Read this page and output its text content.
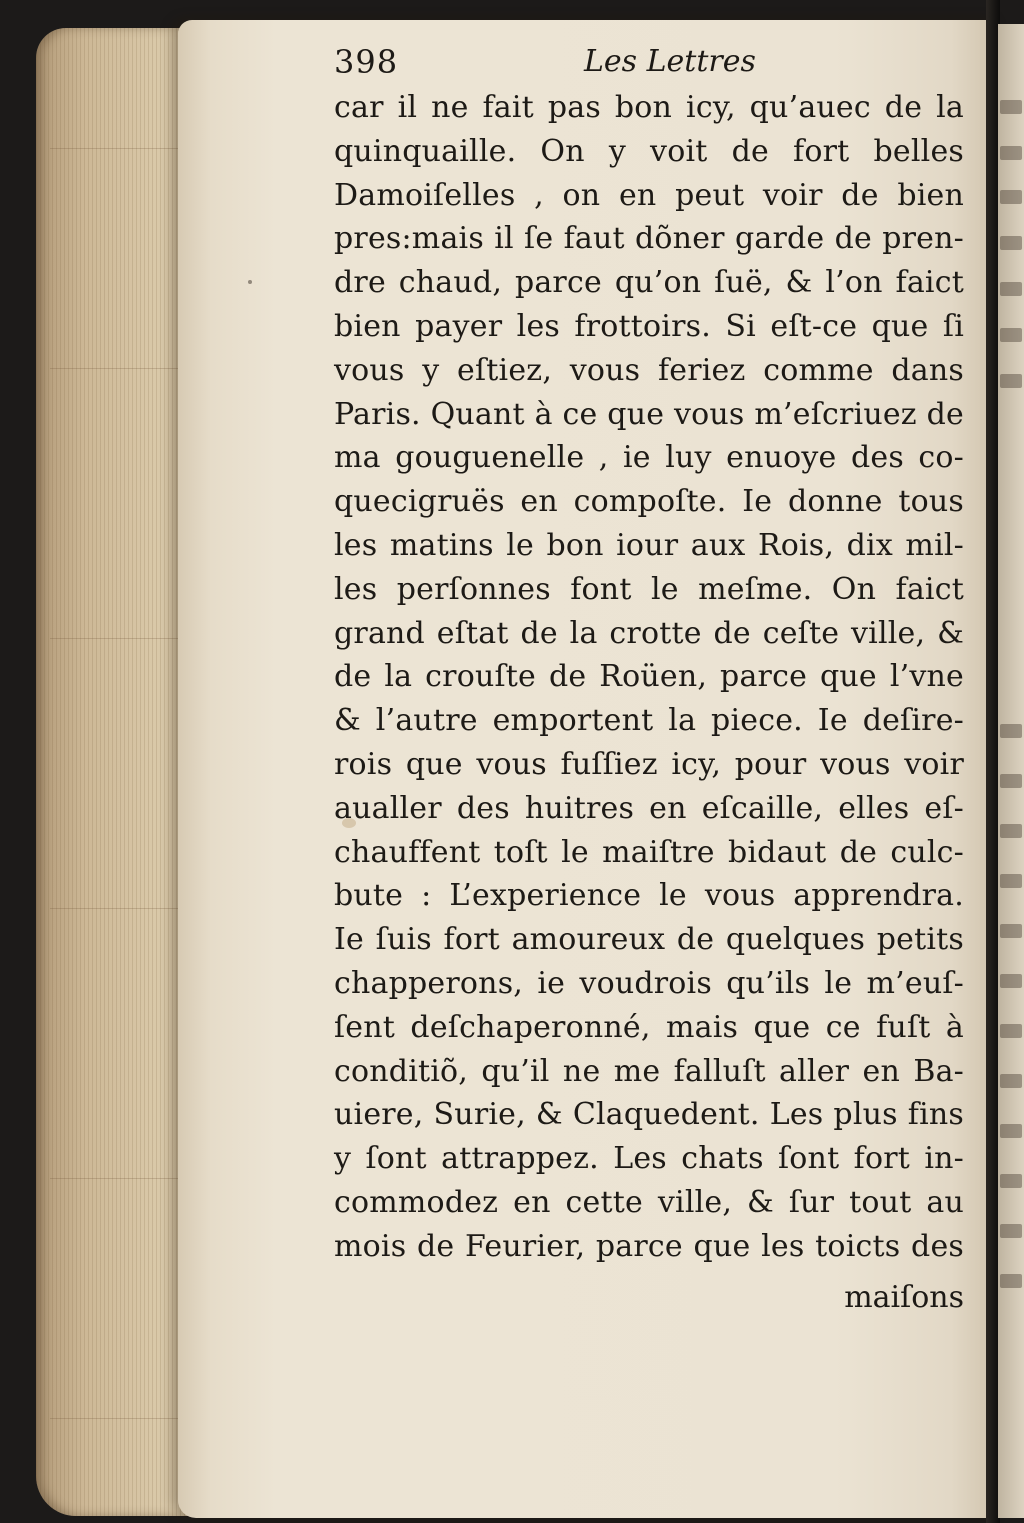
398	Les Lettres
car il ne fait pas bon icy, qu’auec de la
quinquaille. On y voit de fort belles
Damoiſelles , on en peut voir de bien
pres:mais il ſe faut dõner garde de pren-
dre chaud, parce qu’on ſuë, & l’on faict
bien payer les frottoirs. Si eſt-ce que ſi
vous y eſtiez, vous feriez comme dans
Paris. Quant à ce que vous m’eſcriuez de
ma gouguenelle , ie luy enuoye des co-
quecigruës en compoſte. Ie donne tous
les matins le bon iour aux Rois, dix mil-
les perſonnes font le meſme. On faict
grand eſtat de la crotte de ceſte ville, &
de la crouſte de Roüen, parce que l’vne
& l’autre emportent la piece. Ie deſire-
rois que vous fuſſiez icy, pour vous voir
aualler des huitres en eſcaille, elles eſ-
chauffent toſt le maiſtre bidaut de culc-
bute : L’experience le vous apprendra.
Ie ſuis fort amoureux de quelques petits
chapperons, ie voudrois qu’ils le m’euſ-
ſent deſchaperonné, mais que ce fuſt à
conditiõ, qu’il ne me falluſt aller en Ba-
uiere, Surie, & Claquedent. Les plus fins
y ſont attrappez. Les chats ſont fort in-
commodez en cette ville, & ſur tout au
mois de Feurier, parce que les toicts des
maiſons
